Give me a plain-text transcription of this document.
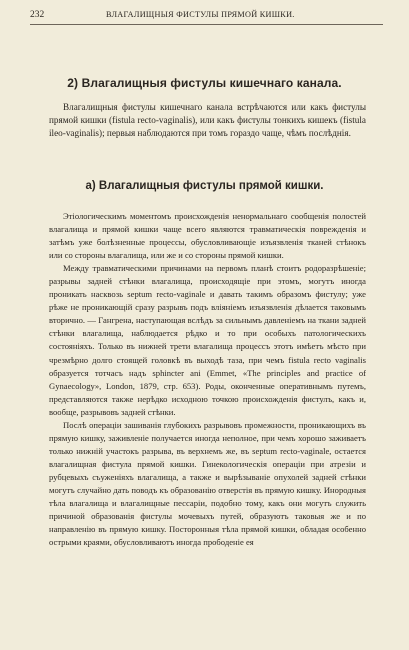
232	ВЛАГАЛИЩНЫЯ ФИСТУЛЫ ПРЯМОЙ КИШКИ.
2) Влагалищныя фистулы кишечнаго канала.

Влагалищныя фистулы кишечнаго канала встрѣчаются или какъ фистулы прямой кишки (fistula recto-vaginalis), или какъ фистулы тонкихъ кишекъ (fistula ileo-vaginalis); первыя наблюдаются при томъ гораздо чаще, чѣмъ послѣднія.

а) Влагалищныя фистулы прямой кишки.

Этіологическимъ моментомъ происхожденія ненормальнаго сообщенія полостей влагалища и прямой кишки чаще всего являются травматическія поврежденія и затѣмъ уже болѣзненные процессы, обусловливающіе изъязвленія тканей стѣнокъ или со стороны влагалища, или же и со стороны прямой кишки.

Между травматическими причинами на первомъ планѣ стоитъ родоразрѣшеніе; разрывы задней стѣнки влагалища, происходящіе при этомъ, могутъ иногда проникать насквозь septum recto-vaginale и давать такимъ образомъ фистулу; уже рѣже не проникающій сразу разрывъ подъ вліяніемъ изъязвленія дѣлается таковымъ вторично. — Гангрена, наступающая вслѣдъ за сильнымъ давленіемъ на ткани задней стѣнки влагалища, наблюдается рѣдко и то при особыхъ патологическихъ состояніяхъ. Только въ нижней трети влагалища процессъ этотъ имѣетъ мѣсто при чрезмѣрно долго стоящей головкѣ въ выходѣ таза, при чемъ fistula recto vaginalis образуется тотчасъ надъ sphincter ani (Emmet, «The principles and practice of Gynaecology», London, 1879, стр. 653). Роды, оконченные оперативнымъ путемъ, представляются также нерѣдко исходною точкою происхожденія фистулъ, какъ и, вообще, разрывовъ задней стѣнки.

Послѣ операціи зашиванія глубокихъ разрывовъ промежности, проникающихъ въ прямую кишку, заживленіе получается иногда неполное, при чемъ хорошо заживаетъ только нижній участокъ разрыва, въ верхнемъ же, въ septum recto-vaginale, остается влагалищная фистула прямой кишки. Гинекологическія операціи при атрезіи и рубцевыхъ съуженіяхъ влагалища, а также и вырѣзываніе опухолей задней стѣнки могутъ случайно дать поводъ къ образованію отверстія въ прямую кишку. Инородныя тѣла влагалища и влагалищные пессаріи, подобно тому, какъ они могутъ служить причиной образованія фистулы мочевыхъ путей, образуютъ таковыя же и по направленію въ прямую кишку. Посторонныя тѣла прямой кишки, обладая особенно острыми краями, обусловливаютъ иногда прободеніе ея
